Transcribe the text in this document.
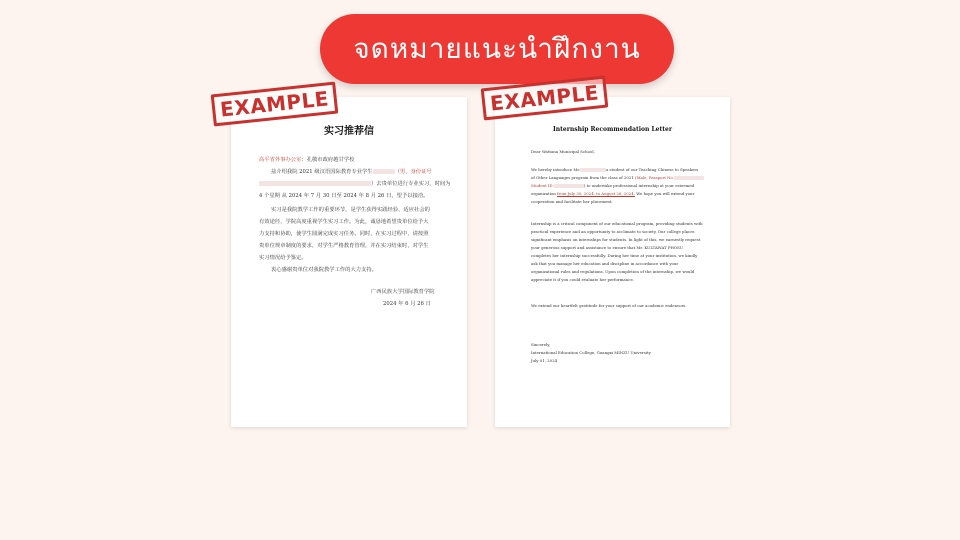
จดหมายแนะนำฝึกงาน
EXAMPLE	EXAMPLE
实习推荐信
高平省外事办公室：孔敬市政府越甘学校
兹介绍我院 2021 级汉语国际教育专业学生	（男，身份证号
）去贵单位进行专业实习，时间为
4 个星期 从 2024 年 7 月 30 日至 2024 年 8 月 26 日，望予以接洽。
实习是我院教学工作的重要环节，是学生获得实践经验、适应社会的
有效途径，学院高度重视学生实习工作。为此，诚恳地希望贵单位给予大
力支持和协助，使学生圆满完成实习任务。同时，在实习过程中，请按照
贵单位规章制度的要求，对学生严格教育管理，并在实习结束时，对学生
实习情况给予鉴定。
衷心感谢贵单位对我院教学工作的大力支持。
广西民族大学国际教育学院
2024 年 6 月 26 日
Internship Recommendation Letter
Dear Wattana Municipal School,
We hereby introduce Mr.	a student of our Teaching Chinese to Speakers
of Other Languages program from the class of 2021 (Male, Passport No.
Student ID:	) to undertake professional internship at your esteemed
organization from July 30, 2024, to August 26, 2024. We hope you will extend your
cooperation and facilitate her placement.
Internship is a critical component of our educational program, providing students with
practical experience and an opportunity to acclimate to society. Our college places
significant emphasis on internships for students. In light of this, we earnestly request
your generous support and assistance to ensure that Mr. KULTAWAT PHOSU
completes her internship successfully. During her time at your institution, we kindly
ask that you manage her education and discipline in accordance with your
organizational rules and regulations. Upon completion of the internship, we would
appreciate it if you could evaluate her performance.
We extend our heartfelt gratitude for your support of our academic endeavors.
Sincerely,
International Education College, Guangxi MINZU University
July 01, 2024
